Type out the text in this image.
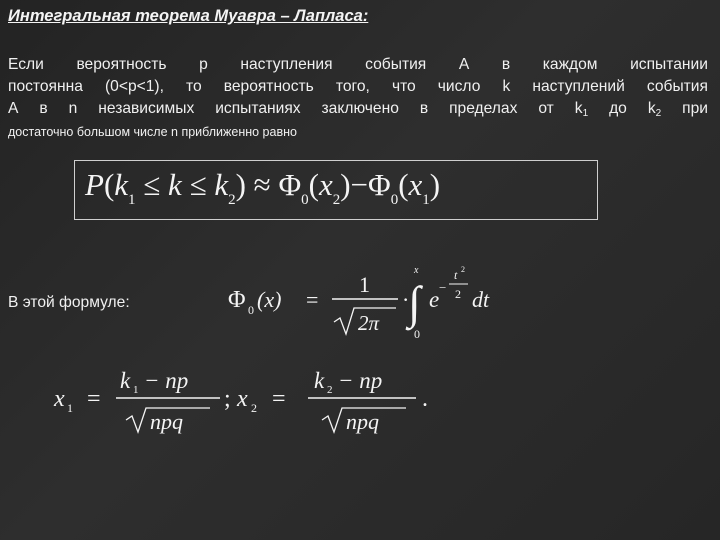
Интегральная теорема Муавра – Лапласа:
Если вероятность р наступления события А в каждом испытании
постоянна (0<p<1), то вероятность того, что число k наступлений события
А в n независимых испытаниях заключено в пределах от $k_1$ до $k_2$ при
достаточно большом числе n приближенно равно
$P(k_1 \le k \le k_2) \approx \Phi_0(x_2)-\Phi_0(x_1)$
В этой формуле:	Φ 0 (x) =
1
2π
·
x
∫
0
e −
t 2
2 dt
x 1 =
k 1 − np
npq
; x 2 =
k 2 − np
npq
.
